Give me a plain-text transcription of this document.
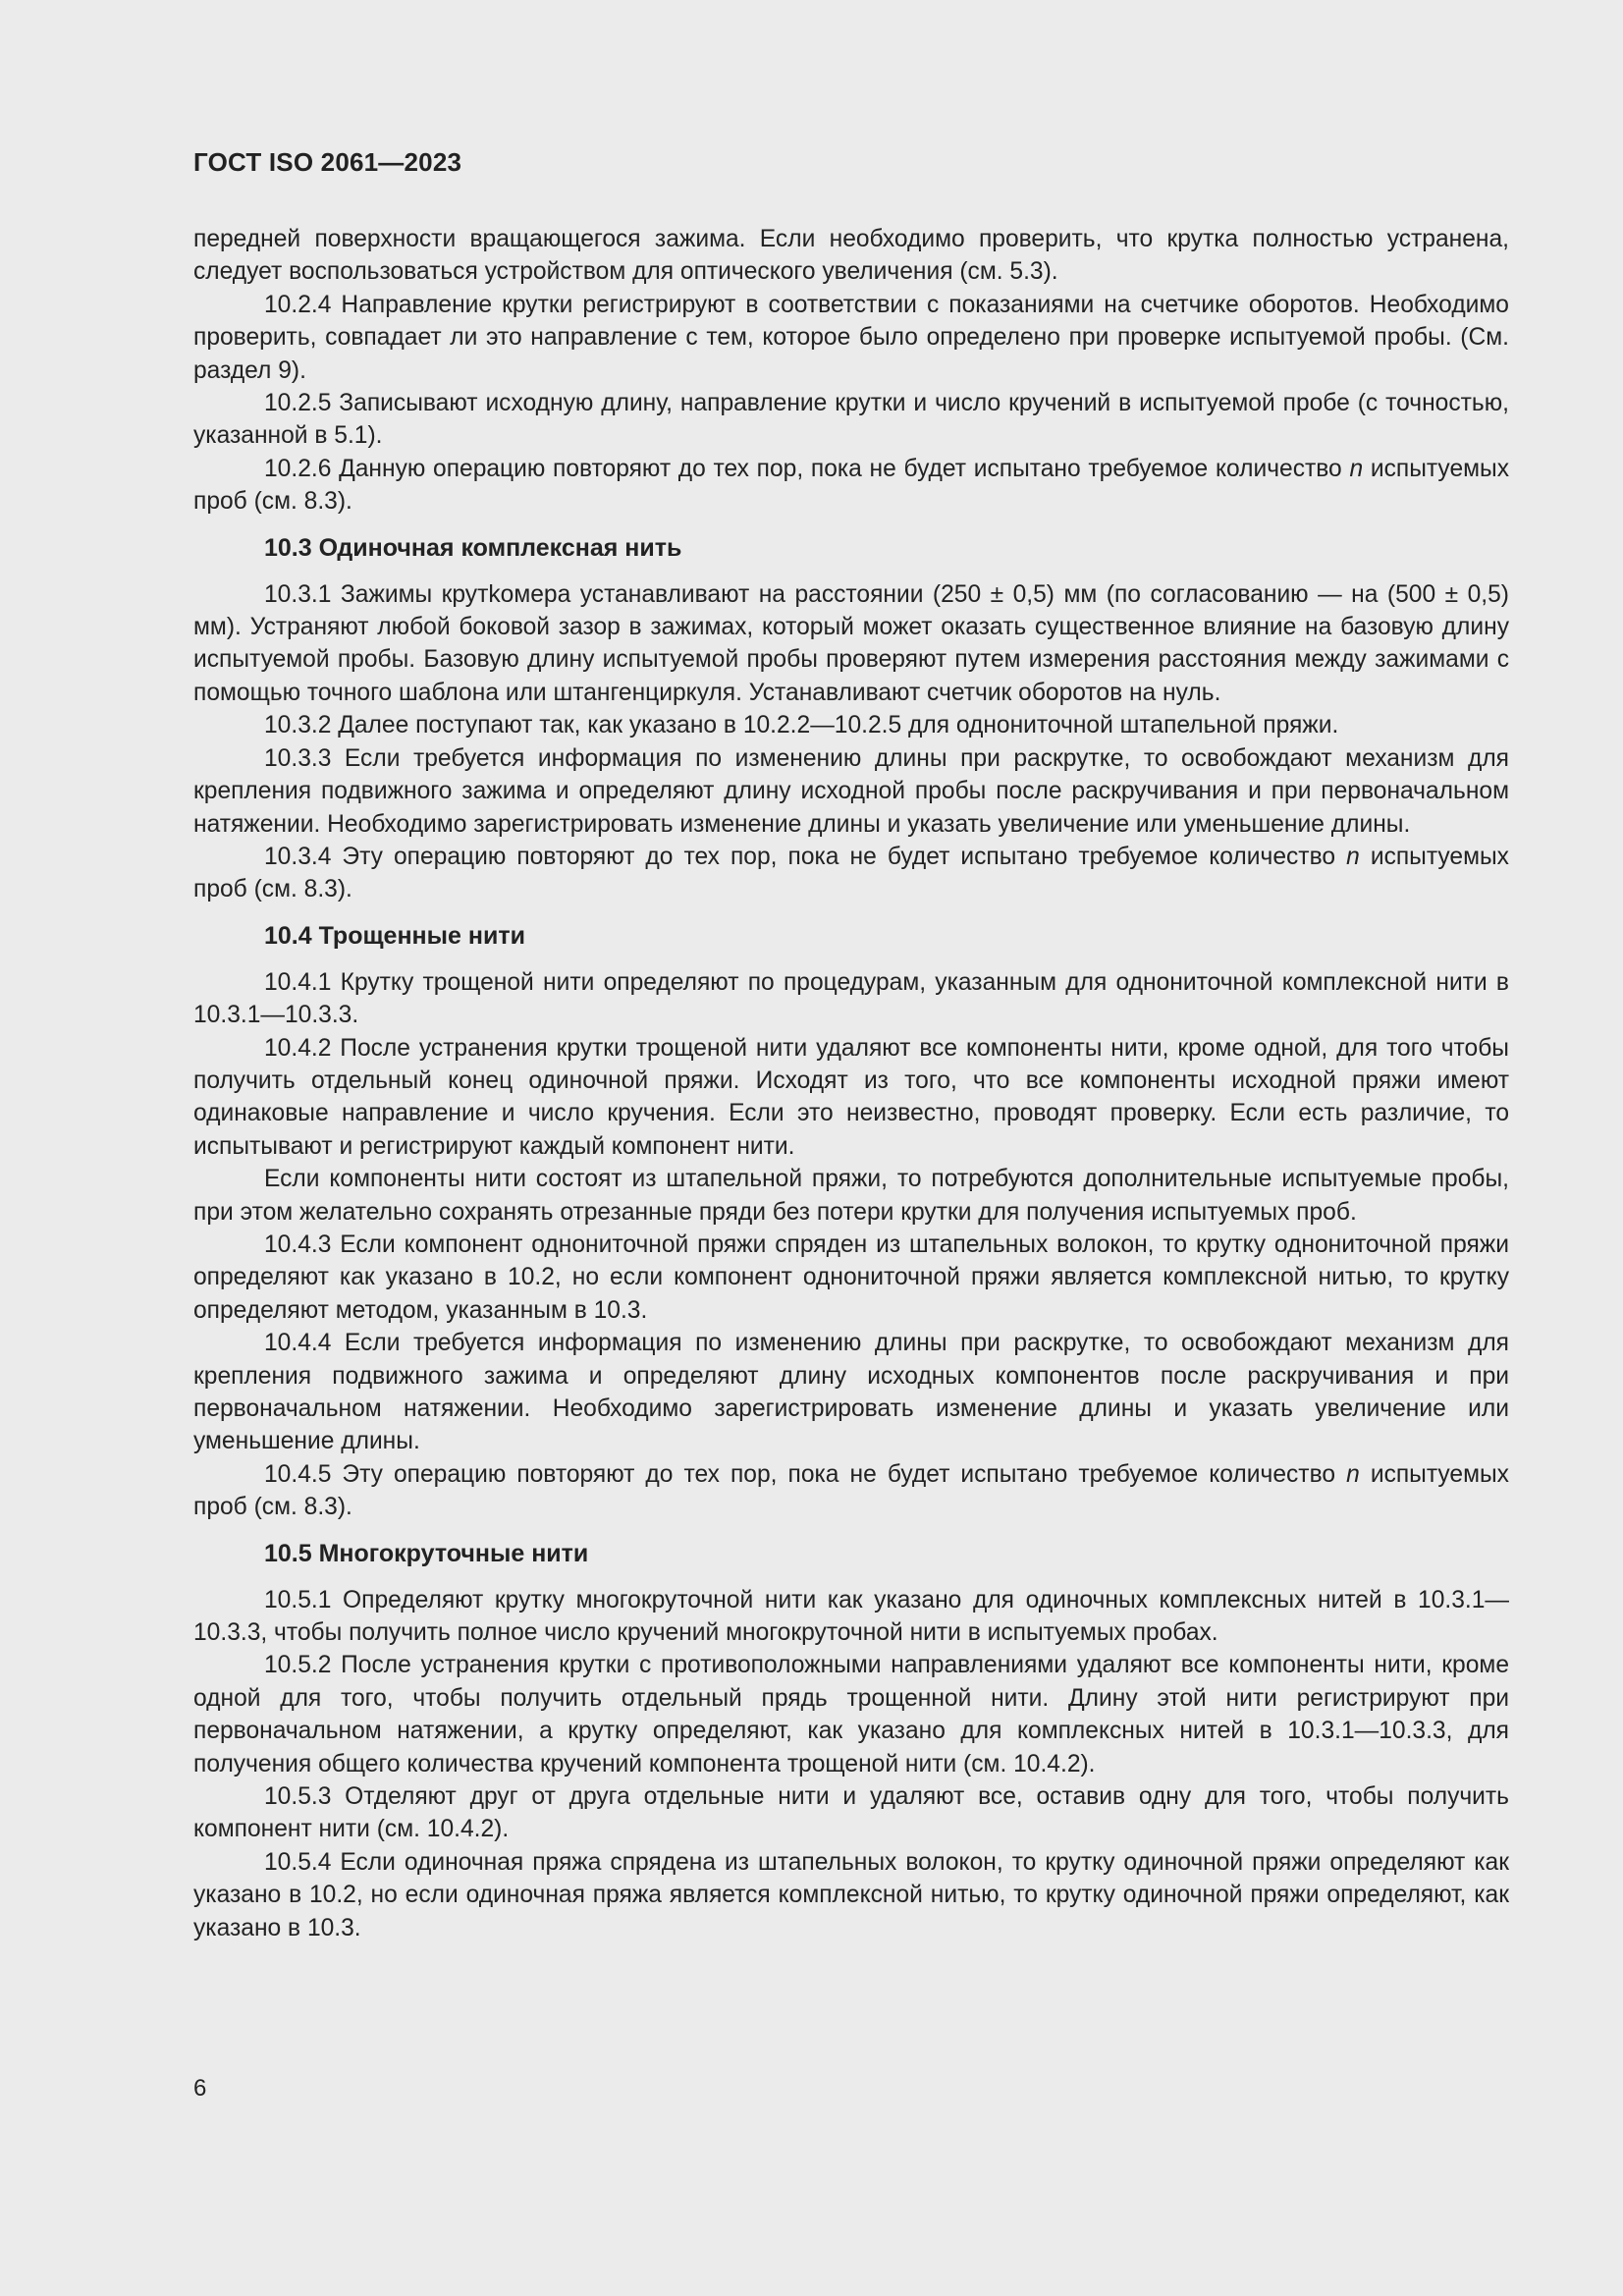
ГОСТ ISO 2061—2023

передней поверхности вращающегося зажима. Если необходимо проверить, что крутка полностью устранена, следует воспользоваться устройством для оптического увеличения (см. 5.3).

10.2.4 Направление крутки регистрируют в соответствии с показаниями на счетчике оборотов. Необходимо проверить, совпадает ли это направление с тем, которое было определено при проверке испытуемой пробы. (См. раздел 9).

10.2.5 Записывают исходную длину, направление крутки и число кручений в испытуемой пробе (с точностью, указанной в 5.1).

10.2.6 Данную операцию повторяют до тех пор, пока не будет испытано требуемое количество n испытуемых проб (см. 8.3).

10.3 Одиночная комплексная нить

10.3.1 Зажимы крутkомера устанавливают на расстоянии (250 ± 0,5) мм (по согласованию — на (500 ± 0,5) мм). Устраняют любой боковой зазор в зажимах, который может оказать существенное влияние на базовую длину испытуемой пробы. Базовую длину испытуемой пробы проверяют путем измерения расстояния между зажимами с помощью точного шаблона или штангенциркуля. Устанавливают счетчик оборотов на нуль.

10.3.2 Далее поступают так, как указано в 10.2.2—10.2.5 для однониточной штапельной пряжи.

10.3.3 Если требуется информация по изменению длины при раскрутке, то освобождают механизм для крепления подвижного зажима и определяют длину исходной пробы после раскручивания и при первоначальном натяжении. Необходимо зарегистрировать изменение длины и указать увеличение или уменьшение длины.

10.3.4 Эту операцию повторяют до тех пор, пока не будет испытано требуемое количество n испытуемых проб (см. 8.3).

10.4 Трощенные нити

10.4.1 Крутку трощеной нити определяют по процедурам, указанным для однониточной комплексной нити в 10.3.1—10.3.3.

10.4.2 После устранения крутки трощеной нити удаляют все компоненты нити, кроме одной, для того чтобы получить отдельный конец одиночной пряжи. Исходят из того, что все компоненты исходной пряжи имеют одинаковые направление и число кручения. Если это неизвестно, проводят проверку. Если есть различие, то испытывают и регистрируют каждый компонент нити.

Если компоненты нити состоят из штапельной пряжи, то потребуются дополнительные испытуемые пробы, при этом желательно сохранять отрезанные пряди без потери крутки для получения испытуемых проб.

10.4.3 Если компонент однониточной пряжи спряден из штапельных волокон, то крутку однониточной пряжи определяют как указано в 10.2, но если компонент однониточной пряжи является комплексной нитью, то крутку определяют методом, указанным в 10.3.

10.4.4 Если требуется информация по изменению длины при раскрутке, то освобождают механизм для крепления подвижного зажима и определяют длину исходных компонентов после раскручивания и при первоначальном натяжении. Необходимо зарегистрировать изменение длины и указать увеличение или уменьшение длины.

10.4.5 Эту операцию повторяют до тех пор, пока не будет испытано требуемое количество n испытуемых проб (см. 8.3).

10.5 Многокруточные нити

10.5.1 Определяют крутку многокруточной нити как указано для одиночных комплексных нитей в 10.3.1—10.3.3, чтобы получить полное число кручений многокруточной нити в испытуемых пробах.

10.5.2 После устранения крутки с противоположными направлениями удаляют все компоненты нити, кроме одной для того, чтобы получить отдельный прядь трощенной нити. Длину этой нити регистрируют при первоначальном натяжении, а крутку определяют, как указано для комплексных нитей в 10.3.1—10.3.3, для получения общего количества кручений компонента трощеной нити (см. 10.4.2).

10.5.3 Отделяют друг от друга отдельные нити и удаляют все, оставив одну для того, чтобы получить компонент нити (см. 10.4.2).

10.5.4 Если одиночная пряжа спрядена из штапельных волокон, то крутку одиночной пряжи определяют как указано в 10.2, но если одиночная пряжа является комплексной нитью, то крутку одиночной пряжи определяют, как указано в 10.3.

6
